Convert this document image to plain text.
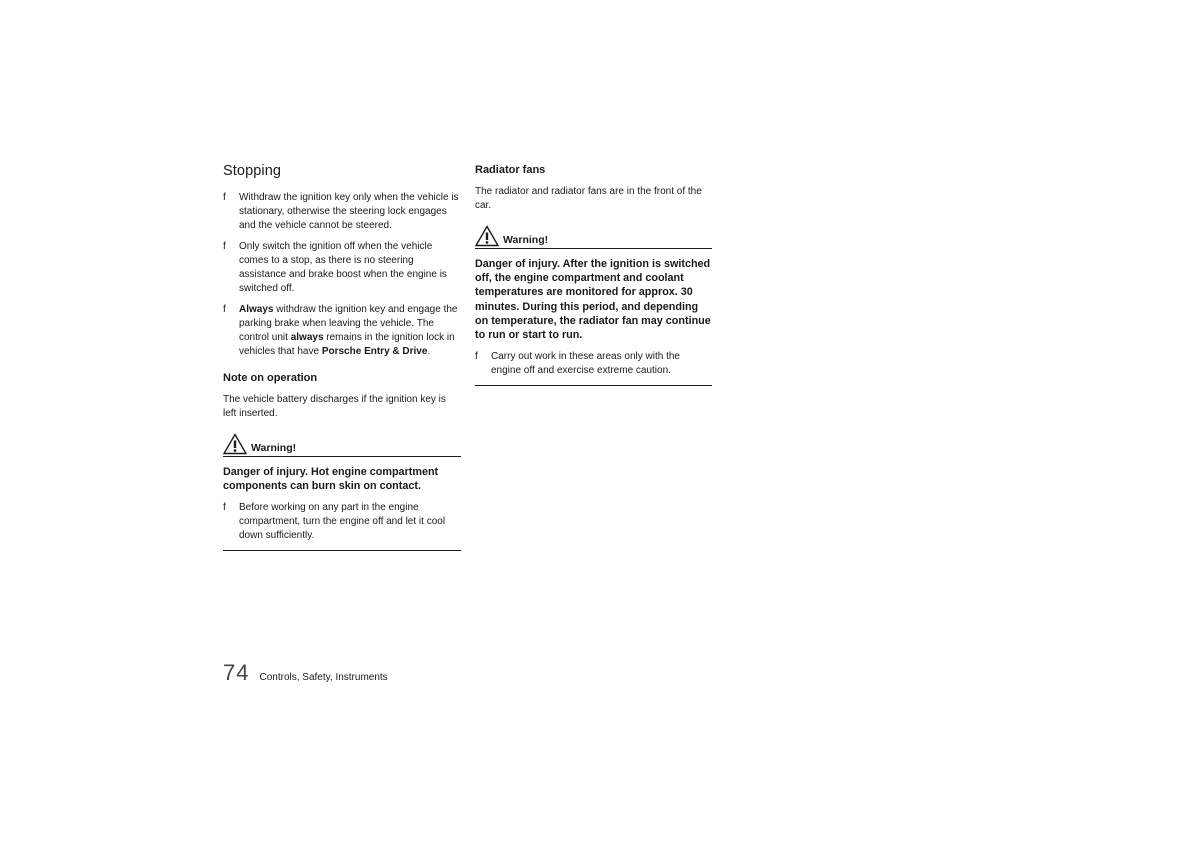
Stopping
f Withdraw the ignition key only when the vehicle is stationary, otherwise the steering lock engages and the vehicle cannot be steered.
f Only switch the ignition off when the vehicle comes to a stop, as there is no steering assistance and brake boost when the engine is switched off.
f Always withdraw the ignition key and engage the parking brake when leaving the vehicle. The control unit always remains in the ignition lock in vehicles that have Porsche Entry & Drive.
Note on operation

The vehicle battery discharges if the ignition key is left inserted.

Warning!

Danger of injury. Hot engine compartment components can burn skin on contact.

f Before working on any part in the engine compartment, turn the engine off and let it cool down sufficiently.
Radiator fans

The radiator and radiator fans are in the front of the car.

Warning!

Danger of injury. After the ignition is switched off, the engine compartment and coolant temperatures are monitored for approx. 30 minutes. During this period, and depending on temperature, the radiator fan may continue to run or start to run.

f Carry out work in these areas only with the engine off and exercise extreme caution.
74 Controls, Safety, Instruments
